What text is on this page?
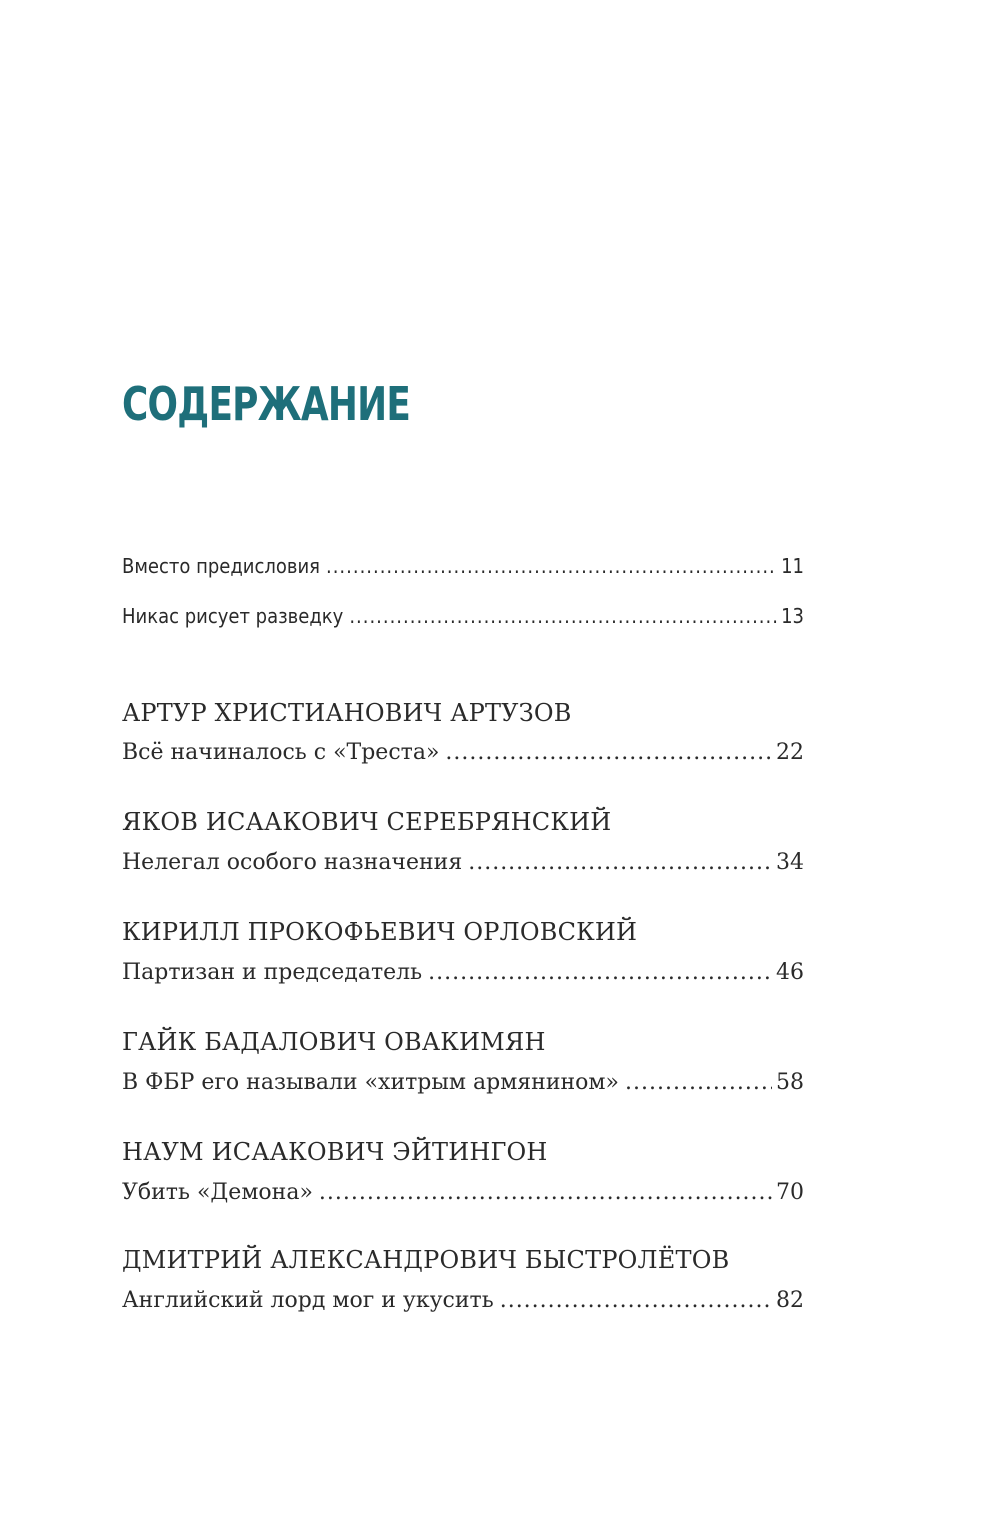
СОДЕРЖАНИЕ
Вместо предисловия .....	11
Никас рисует разведку .....	13
АРТУР ХРИСТИАНОВИЧ АРТУЗОВ
Всё начиналось с «Треста» .....	22
ЯКОВ ИСААКОВИЧ СЕРЕБРЯНСКИЙ
Нелегал особого назначения .....	34
КИРИЛЛ ПРОКОФЬЕВИЧ ОРЛОВСКИЙ
Партизан и председатель .....	46
ГАЙК БАДАЛОВИЧ ОВАКИМЯН
В ФБР его называли «хитрым армянином» .....	58
НАУМ ИСААКОВИЧ ЭЙТИНГОН
Убить «Демона» .....	70
ДМИТРИЙ АЛЕКСАНДРОВИЧ БЫСТРОЛЁТОВ
Английский лорд мог и укусить .....	82
